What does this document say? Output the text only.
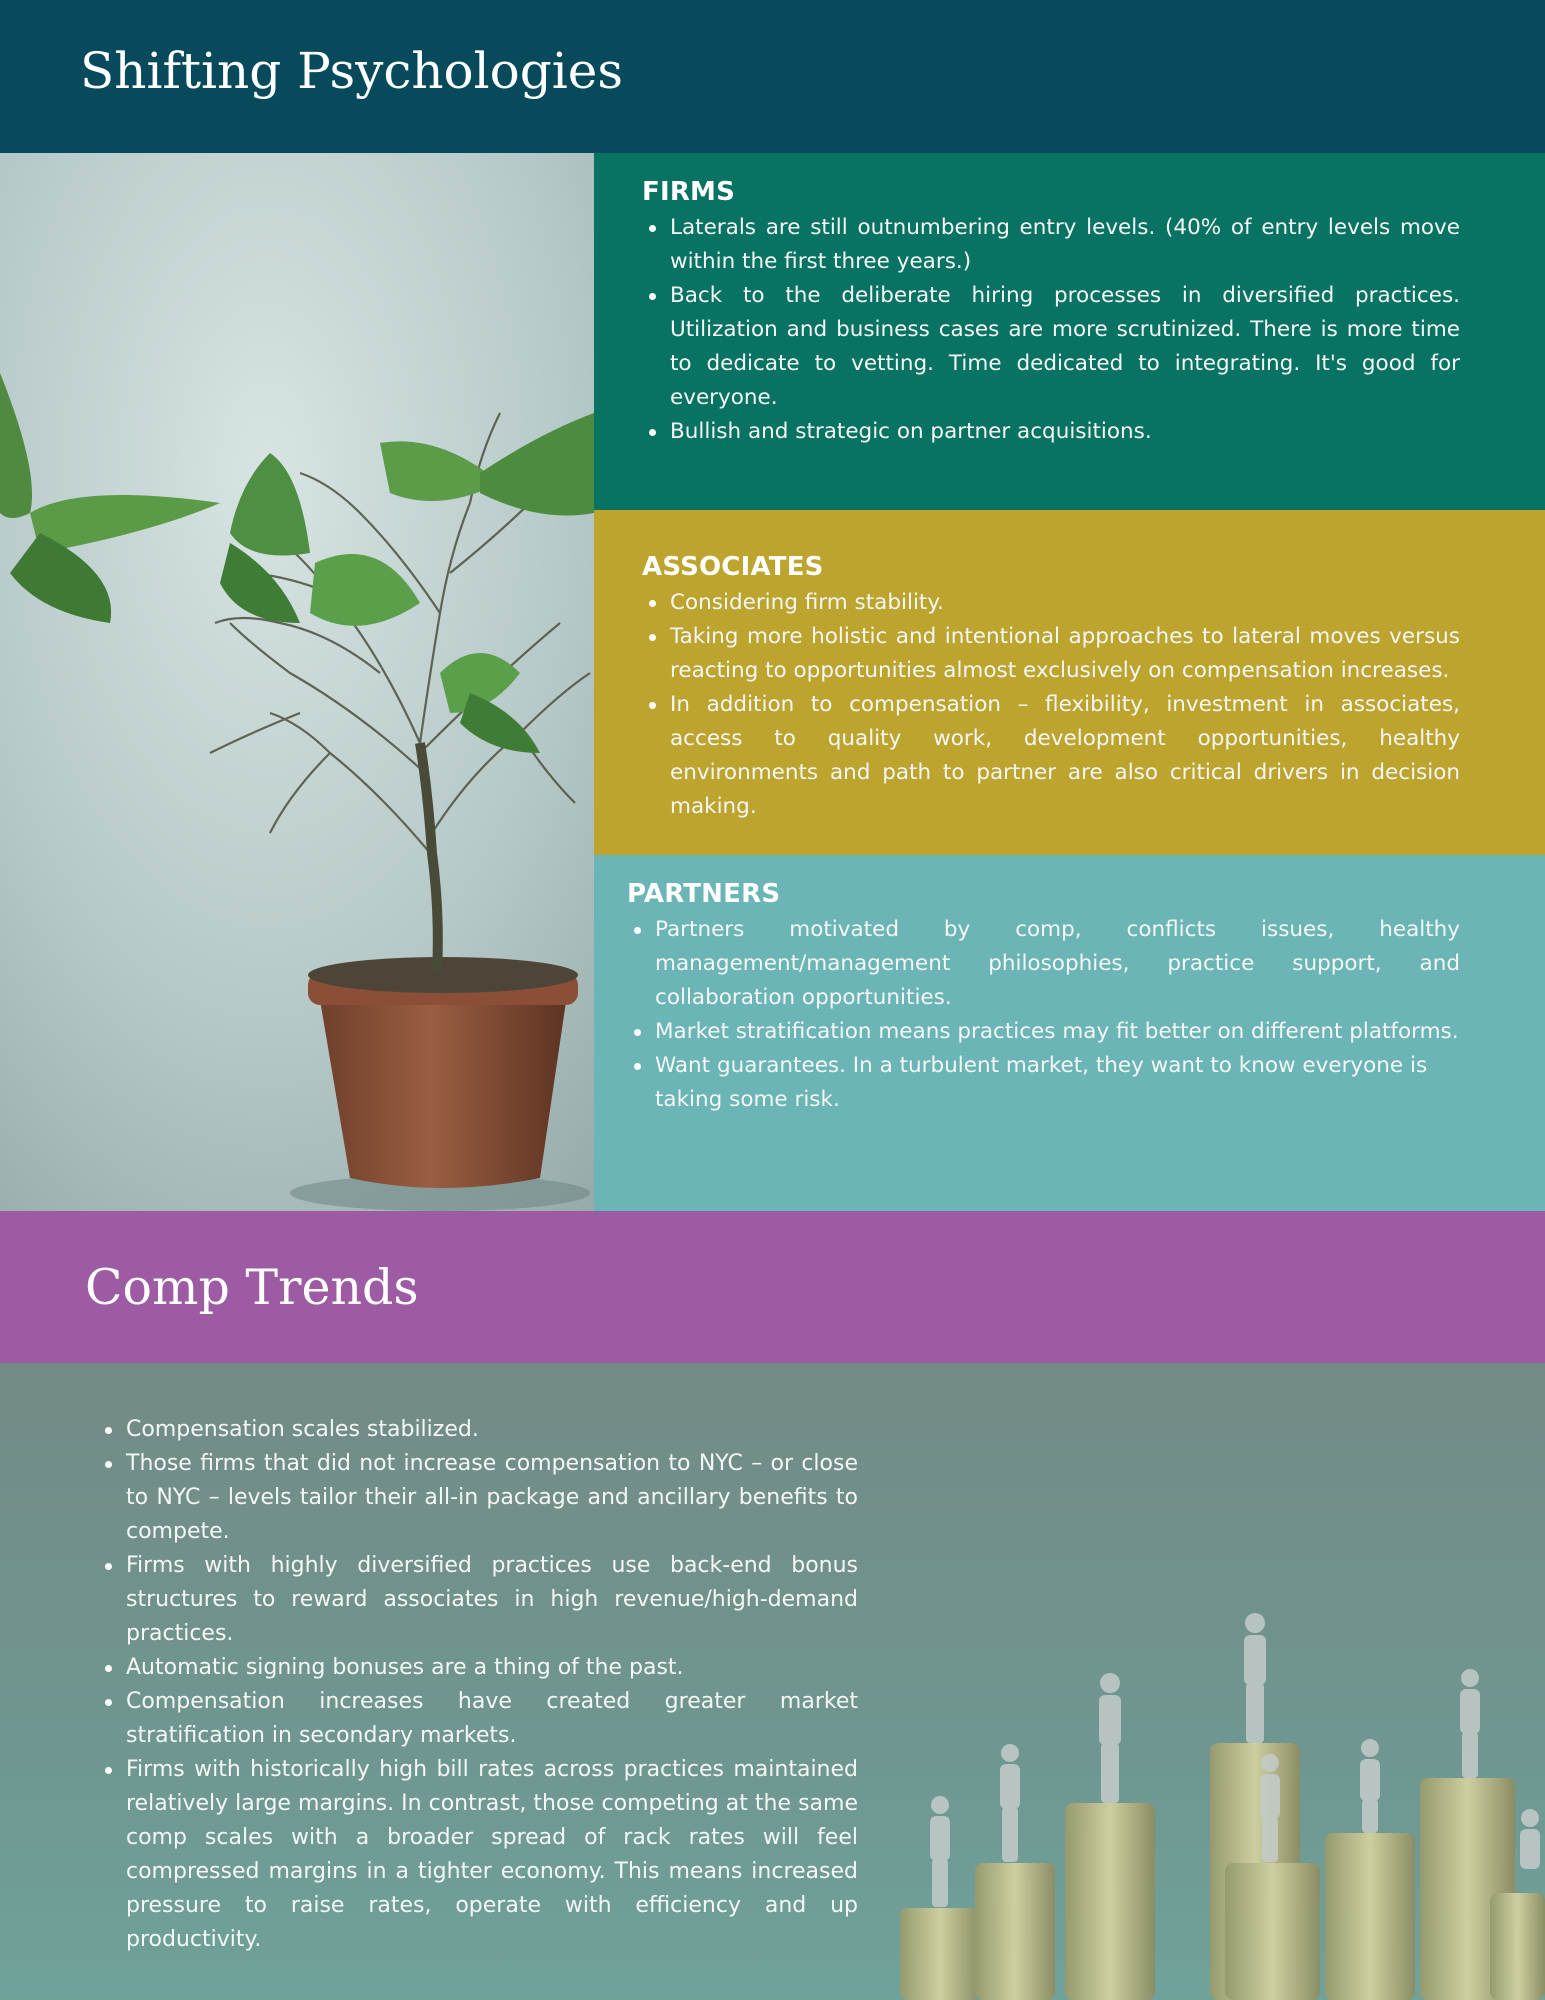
Shifting Psychologies
FIRMS
Laterals are still outnumbering entry levels. (40% of entry levels move within the first three years.)
Back to the deliberate hiring processes in diversified practices. Utilization and business cases are more scrutinized. There is more time to dedicate to vetting. Time dedicated to integrating. It's good for everyone.
Bullish and strategic on partner acquisitions.
ASSOCIATES
Considering firm stability.
Taking more holistic and intentional approaches to lateral moves versus reacting to opportunities almost exclusively on compensation increases.
In addition to compensation – flexibility, investment in associates, access to quality work, development opportunities, healthy environments and path to partner are also critical drivers in decision making.
PARTNERS
Partners motivated by comp, conflicts issues, healthy management/management philosophies, practice support, and collaboration opportunities.
Market stratification means practices may fit better on different platforms.
Want guarantees. In a turbulent market, they want to know everyone is taking some risk.
Comp Trends
Compensation scales stabilized.
Those firms that did not increase compensation to NYC – or close to NYC – levels tailor their all-in package and ancillary benefits to compete.
Firms with highly diversified practices use back-end bonus structures to reward associates in high revenue/high-demand practices.
Automatic signing bonuses are a thing of the past.
Compensation increases have created greater market stratification in secondary markets.
Firms with historically high bill rates across practices maintained relatively large margins. In contrast, those competing at the same comp scales with a broader spread of rack rates will feel compressed margins in a tighter economy. This means increased pressure to raise rates, operate with efficiency and up productivity.
